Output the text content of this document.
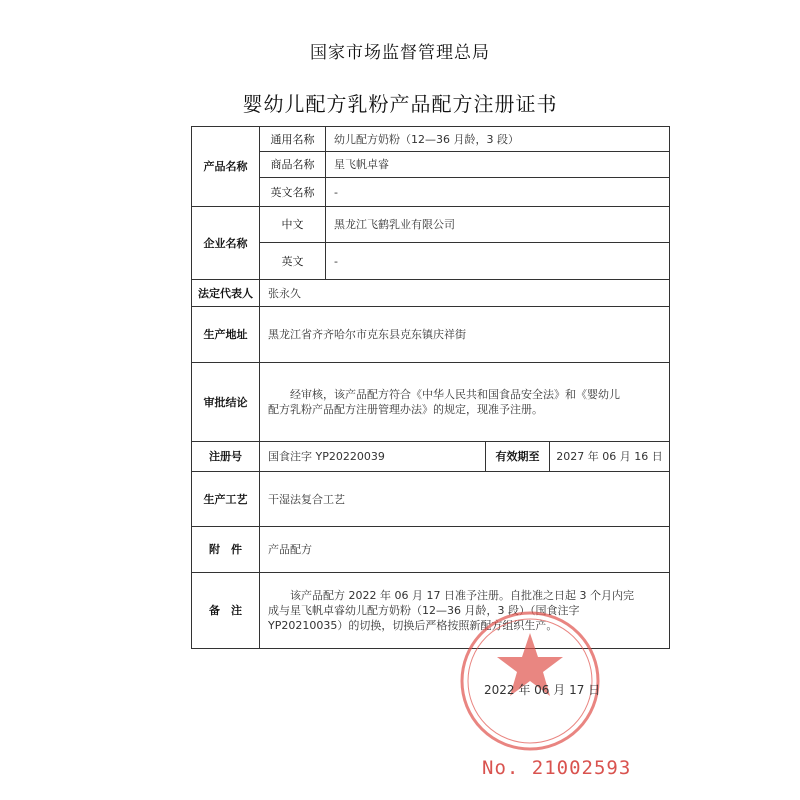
国家市场监督管理总局
婴幼儿配方乳粉产品配方注册证书
产品名称	通用名称	幼儿配方奶粉（12—36 月龄，3 段）		
	商品名称	星飞帆卓睿		
	英文名称	-		
企业名称	中文	黑龙江飞鹤乳业有限公司		
	英文	-		
法定代表人	张永久			
生产地址	黑龙江省齐齐哈尔市克东县克东镇庆祥街			
审批结论	经审核，该产品配方符合《中华人民共和国食品安全法》和《婴幼儿
配方乳粉产品配方注册管理办法》的规定，现准予注册。			
注册号	国食注字 YP20220039		有效期至	2027 年 06 月 16 日
生产工艺	干湿法复合工艺			
附　件	产品配方			
备　注	该产品配方 2022 年 06 月 17 日准予注册。自批准之日起 3 个月内完
成与星飞帆卓睿幼儿配方奶粉（12—36 月龄，3 段）（国食注字 YP20210035）的切换，切换后严格按照新配方组织生产。			
2022 年 06 月 17 日
No. 21002593
